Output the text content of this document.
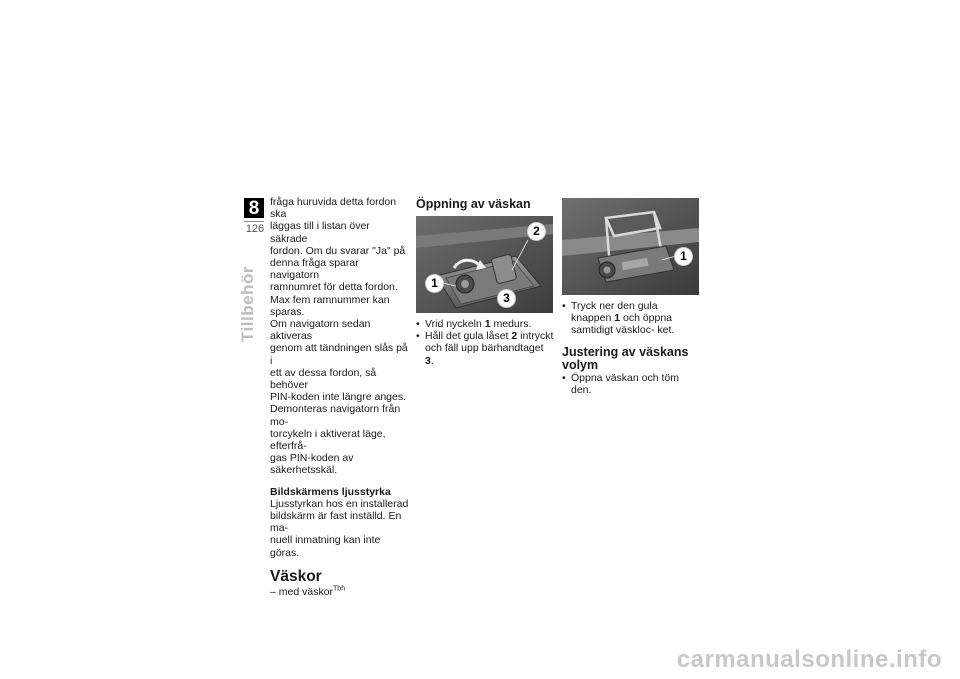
8
126
Tillbehör

fråga huruvida detta fordon ska
läggas till i listan över säkrade
fordon. Om du svarar "Ja" på
denna fråga sparar navigatorn
ramnumret för detta fordon.
Max fem ramnummer kan sparas.
Om navigatorn sedan aktiveras
genom att tändningen slås på i
ett av dessa fordon, så behöver
PIN-koden inte längre anges.
Demonteras navigatorn från mo-
torcykeln i aktiverat läge, efterfrå-
gas PIN-koden av säkerhetsskäl.

Bildskärmens ljusstyrka

Ljusstyrkan hos en installerad
bildskärm är fast inställd. En ma-
nuell inmatning kan inte göras.

Väskor

– med väskor$^{Tbh}$

Öppning av väskan

1
2
3
• Vrid nyckeln 1 medurs.
• Håll det gula låset 2 intryckt och fäll upp bärhandtaget 3.
1
• Tryck ner den gula knappen 1 och öppna samtidigt väskloc- ket.

Justering av väskans volym

• Öppna väskan och töm den.
carmanualsonline.info
